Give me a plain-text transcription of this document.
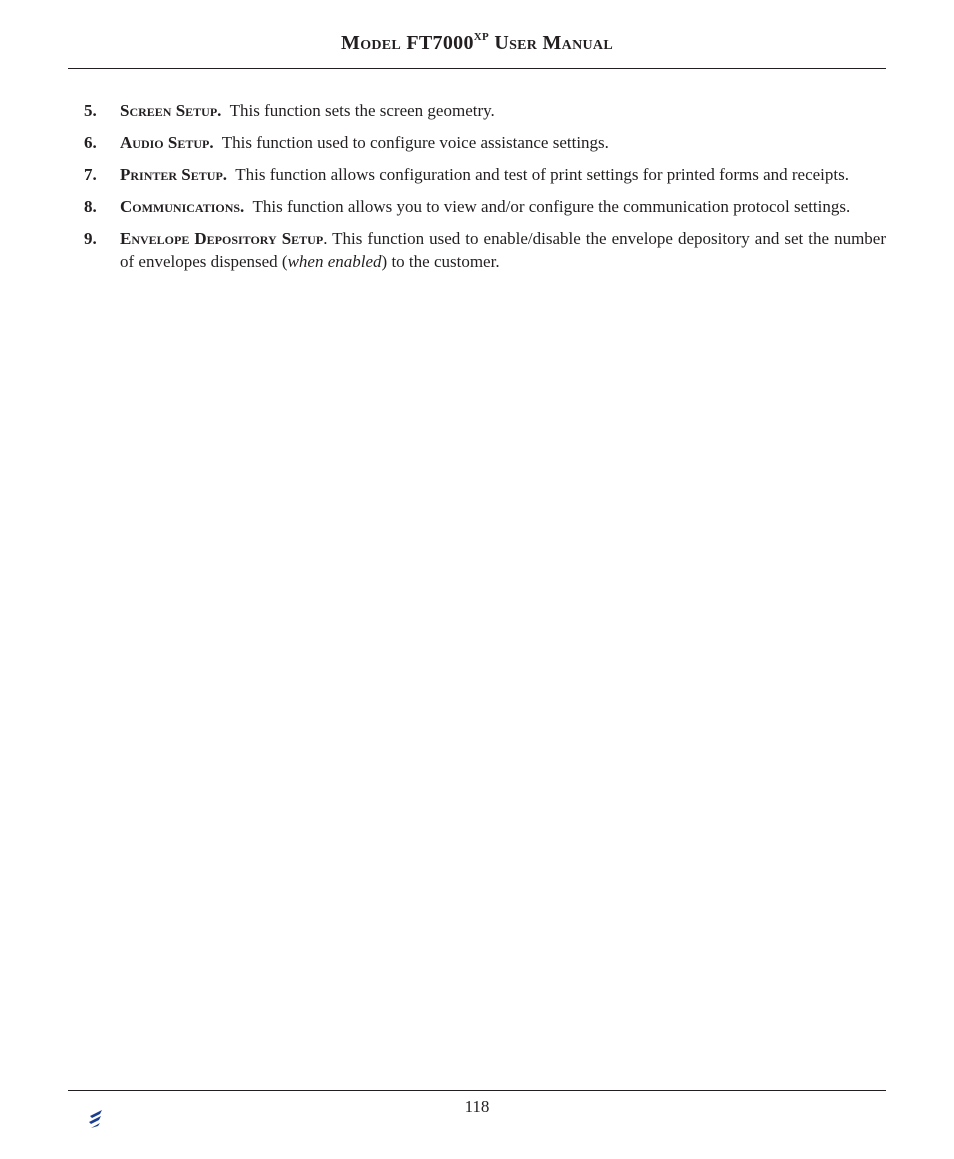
Model $FT7000^{XP}$ User Manual
5. Screen Setup. This function sets the screen geometry.
6. Audio Setup. This function used to configure voice assistance settings.
7. Printer Setup. This function allows configuration and test of print settings for printed forms and receipts.
8. Communications. This function allows you to view and/or configure the communication protocol settings.
9. Envelope Depository Setup. This function used to enable/disable the envelope depository and set the number of envelopes dispensed (when enabled) to the customer.
118
